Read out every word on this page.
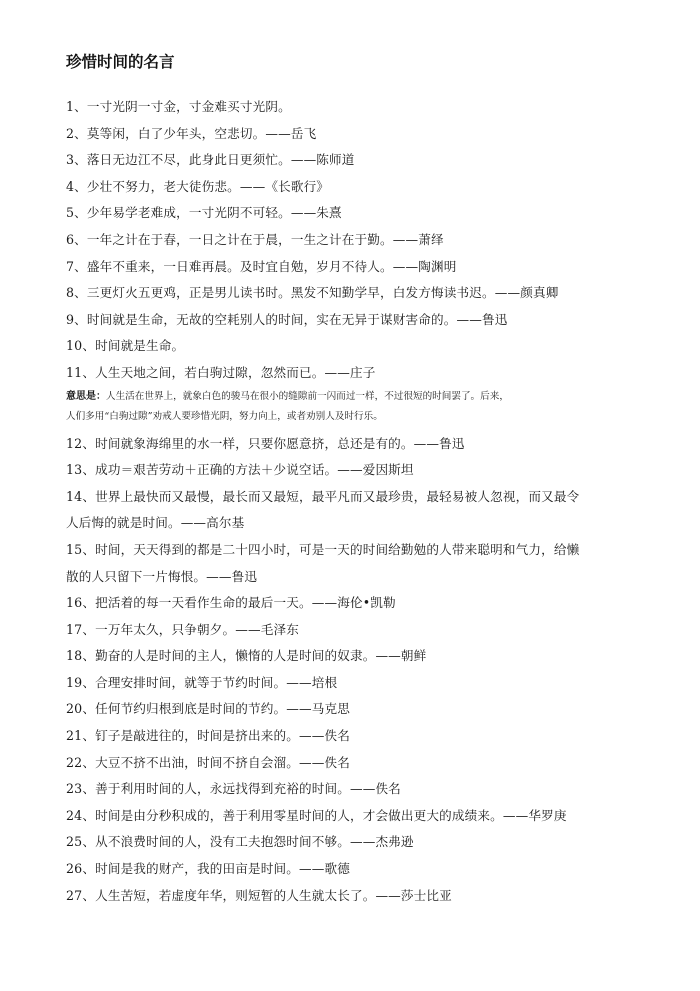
珍惜时间的名言
1、一寸光阴一寸金，寸金难买寸光阴。
2、莫等闲，白了少年头，空悲切。——岳飞
3、落日无边江不尽，此身此日更须忙。——陈师道
4、少壮不努力，老大徒伤悲。——《长歌行》
5、少年易学老难成，一寸光阴不可轻。——朱熹
6、一年之计在于春，一日之计在于晨，一生之计在于勤。——萧绎
7、盛年不重来，一日难再晨。及时宜自勉，岁月不待人。——陶渊明
8、三更灯火五更鸡，正是男儿读书时。黑发不知勤学早，白发方悔读书迟。——颜真卿
9、时间就是生命，无故的空耗别人的时间，实在无异于谋财害命的。——鲁迅
10、时间就是生命。
11、人生天地之间，若白驹过隙，忽然而已。——庄子
意思是：人生活在世界上，就象白色的骏马在很小的缝隙前一闪而过一样，不过很短的时间罢了。后来，
人们多用“白驹过隙”劝戒人要珍惜光阴，努力向上，或者劝别人及时行乐。
12、时间就象海绵里的水一样，只要你愿意挤，总还是有的。——鲁迅
13、成功＝艰苦劳动＋正确的方法＋少说空话。——爱因斯坦
14、世界上最快而又最慢，最长而又最短，最平凡而又最珍贵，最轻易被人忽视，而又最令
人后悔的就是时间。——高尔基
15、时间，天天得到的都是二十四小时，可是一天的时间给勤勉的人带来聪明和气力，给懒
散的人只留下一片悔恨。——鲁迅
16、把活着的每一天看作生命的最后一天。——海伦•凯勒
17、一万年太久，只争朝夕。——毛泽东
18、勤奋的人是时间的主人，懒惰的人是时间的奴隶。——朝鲜
19、合理安排时间，就等于节约时间。——培根
20、任何节约归根到底是时间的节约。——马克思
21、钉子是敲进往的，时间是挤出来的。——佚名
22、大豆不挤不出油，时间不挤自会溜。——佚名
23、善于利用时间的人，永远找得到充裕的时间。——佚名
24、时间是由分秒积成的，善于利用零星时间的人，才会做出更大的成绩来。——华罗庚
25、从不浪费时间的人，没有工夫抱怨时间不够。——杰弗逊
26、时间是我的财产，我的田亩是时间。——歌德
27、人生苦短，若虚度年华，则短暂的人生就太长了。——莎士比亚
